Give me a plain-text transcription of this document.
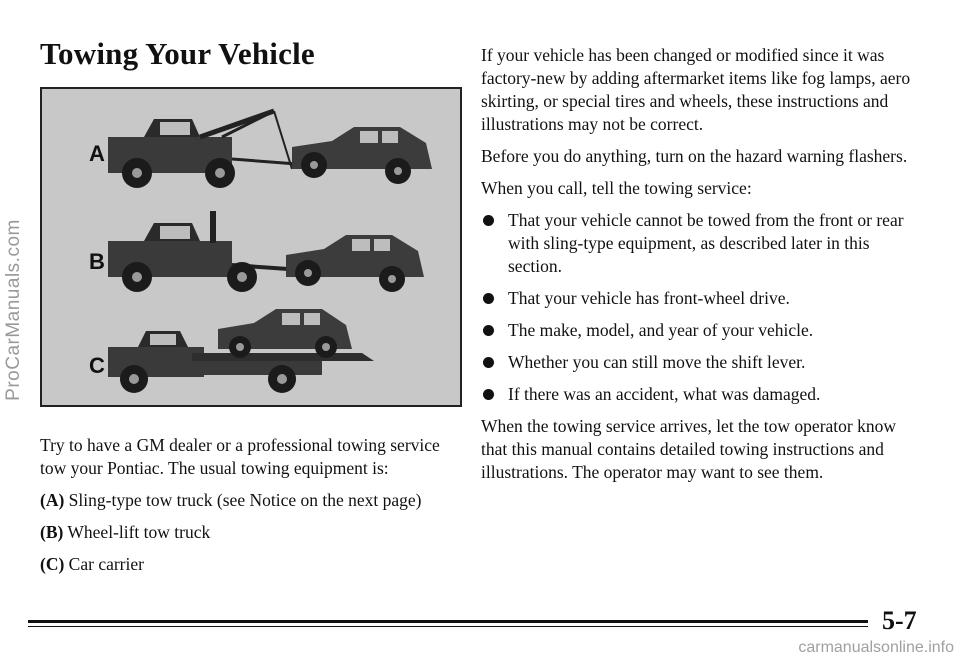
ProCarManuals.com
Towing Your Vehicle
A
B
C

Try to have a GM dealer or a professional towing service tow your Pontiac. The usual towing equipment is:

(A) Sling-type tow truck (see Notice on the next page)

(B) Wheel-lift tow truck

(C) Car carrier

If your vehicle has been changed or modified since it was factory-new by adding aftermarket items like fog lamps, aero skirting, or special tires and wheels, these instructions and illustrations may not be correct.

Before you do anything, turn on the hazard warning flashers.

When you call, tell the towing service:

That your vehicle cannot be towed from the front or rear with sling-type equipment, as described later in this section.
That your vehicle has front-wheel drive.
The make, model, and year of your vehicle.
Whether you can still move the shift lever.
If there was an accident, what was damaged.

When the towing service arrives, let the tow operator know that this manual contains detailed towing instructions and illustrations. The operator may want to see them.

5-7
carmanualsonline.info
